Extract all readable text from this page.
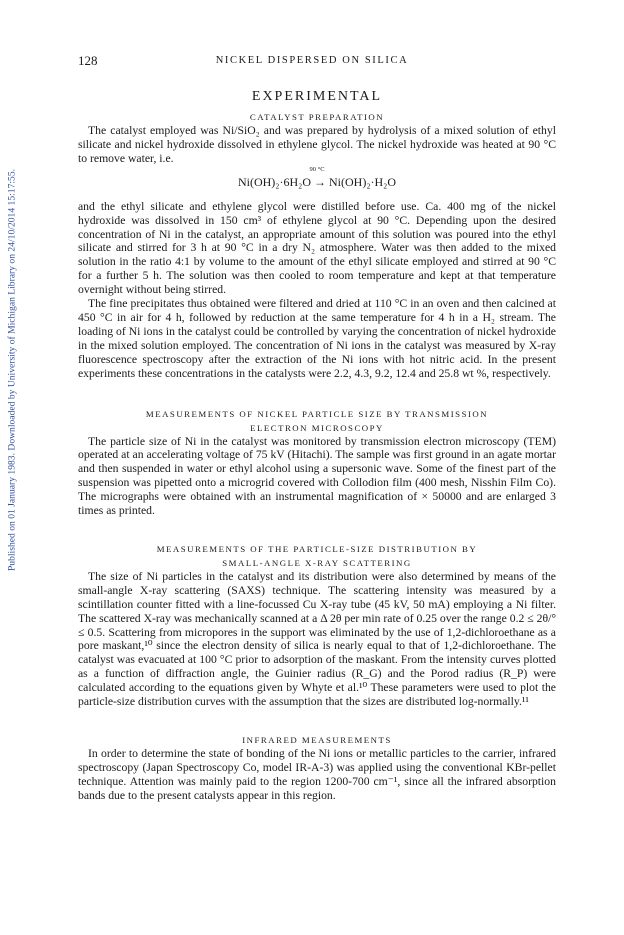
Published on 01 January 1983. Downloaded by University of Michigan Library on 24/10/2014 15:17:55.
128	NICKEL DISPERSED ON SILICA
EXPERIMENTAL
CATALYST PREPARATION

The catalyst employed was Ni/SiO₂ and was prepared by hydrolysis of a mixed solution of ethyl silicate and nickel hydroxide dissolved in ethylene glycol. The nickel hydroxide was heated at 90 °C to remove water, i.e.

90 °C
Ni(OH)₂·6H₂O → Ni(OH)₂·H₂O

and the ethyl silicate and ethylene glycol were distilled before use. Ca. 400 mg of the nickel hydroxide was dissolved in 150 cm³ of ethylene glycol at 90 °C. Depending upon the desired concentration of Ni in the catalyst, an appropriate amount of this solution was poured into the ethyl silicate and stirred for 3 h at 90 °C in a dry N₂ atmosphere. Water was then added to the mixed solution in the ratio 4:1 by volume to the amount of the ethyl silicate employed and stirred at 90 °C for a further 5 h. The solution was then cooled to room temperature and kept at that temperature overnight without being stirred.

The fine precipitates thus obtained were filtered and dried at 110 °C in an oven and then calcined at 450 °C in air for 4 h, followed by reduction at the same temperature for 4 h in a H₂ stream. The loading of Ni ions in the catalyst could be controlled by varying the concentration of nickel hydroxide in the mixed solution employed. The concentration of Ni ions in the catalyst was measured by X-ray fluorescence spectroscopy after the extraction of the Ni ions with hot nitric acid. In the present experiments these concentrations in the catalysts were 2.2, 4.3, 9.2, 12.4 and 25.8 wt %, respectively.

MEASUREMENTS OF NICKEL PARTICLE SIZE BY TRANSMISSION
ELECTRON MICROSCOPY

The particle size of Ni in the catalyst was monitored by transmission electron microscopy (TEM) operated at an accelerating voltage of 75 kV (Hitachi). The sample was first ground in an agate mortar and then suspended in water or ethyl alcohol using a supersonic wave. Some of the finest part of the suspension was pipetted onto a microgrid covered with Collodion film (400 mesh, Nisshin Film Co). The micrographs were obtained with an instrumental magnification of × 50000 and are enlarged 3 times as printed.

MEASUREMENTS OF THE PARTICLE-SIZE DISTRIBUTION BY
SMALL-ANGLE X-RAY SCATTERING

The size of Ni particles in the catalyst and its distribution were also determined by means of the small-angle X-ray scattering (SAXS) technique. The scattering intensity was measured by a scintillation counter fitted with a line-focussed Cu X-ray tube (45 kV, 50 mA) employing a Ni filter. The scattered X-ray was mechanically scanned at a Δ 2θ per min rate of 0.25 over the range 0.2 ≤ 2θ/° ≤ 0.5. Scattering from micropores in the support was eliminated by the use of 1,2-dichloroethane as a pore maskant,¹⁰ since the electron density of silica is nearly equal to that of 1,2-dichloroethane. The catalyst was evacuated at 100 °C prior to adsorption of the maskant. From the intensity curves plotted as a function of diffraction angle, the Guinier radius (R_G) and the Porod radius (R_P) were calculated according to the equations given by Whyte et al.¹⁰ These parameters were used to plot the particle-size distribution curves with the assumption that the sizes are distributed log-normally.¹¹

INFRARED MEASUREMENTS

In order to determine the state of bonding of the Ni ions or metallic particles to the carrier, infrared spectroscopy (Japan Spectroscopy Co, model IR-A-3) was applied using the conventional KBr-pellet technique. Attention was mainly paid to the region 1200-700 cm⁻¹, since all the infrared absorption bands due to the present catalysts appear in this region.
